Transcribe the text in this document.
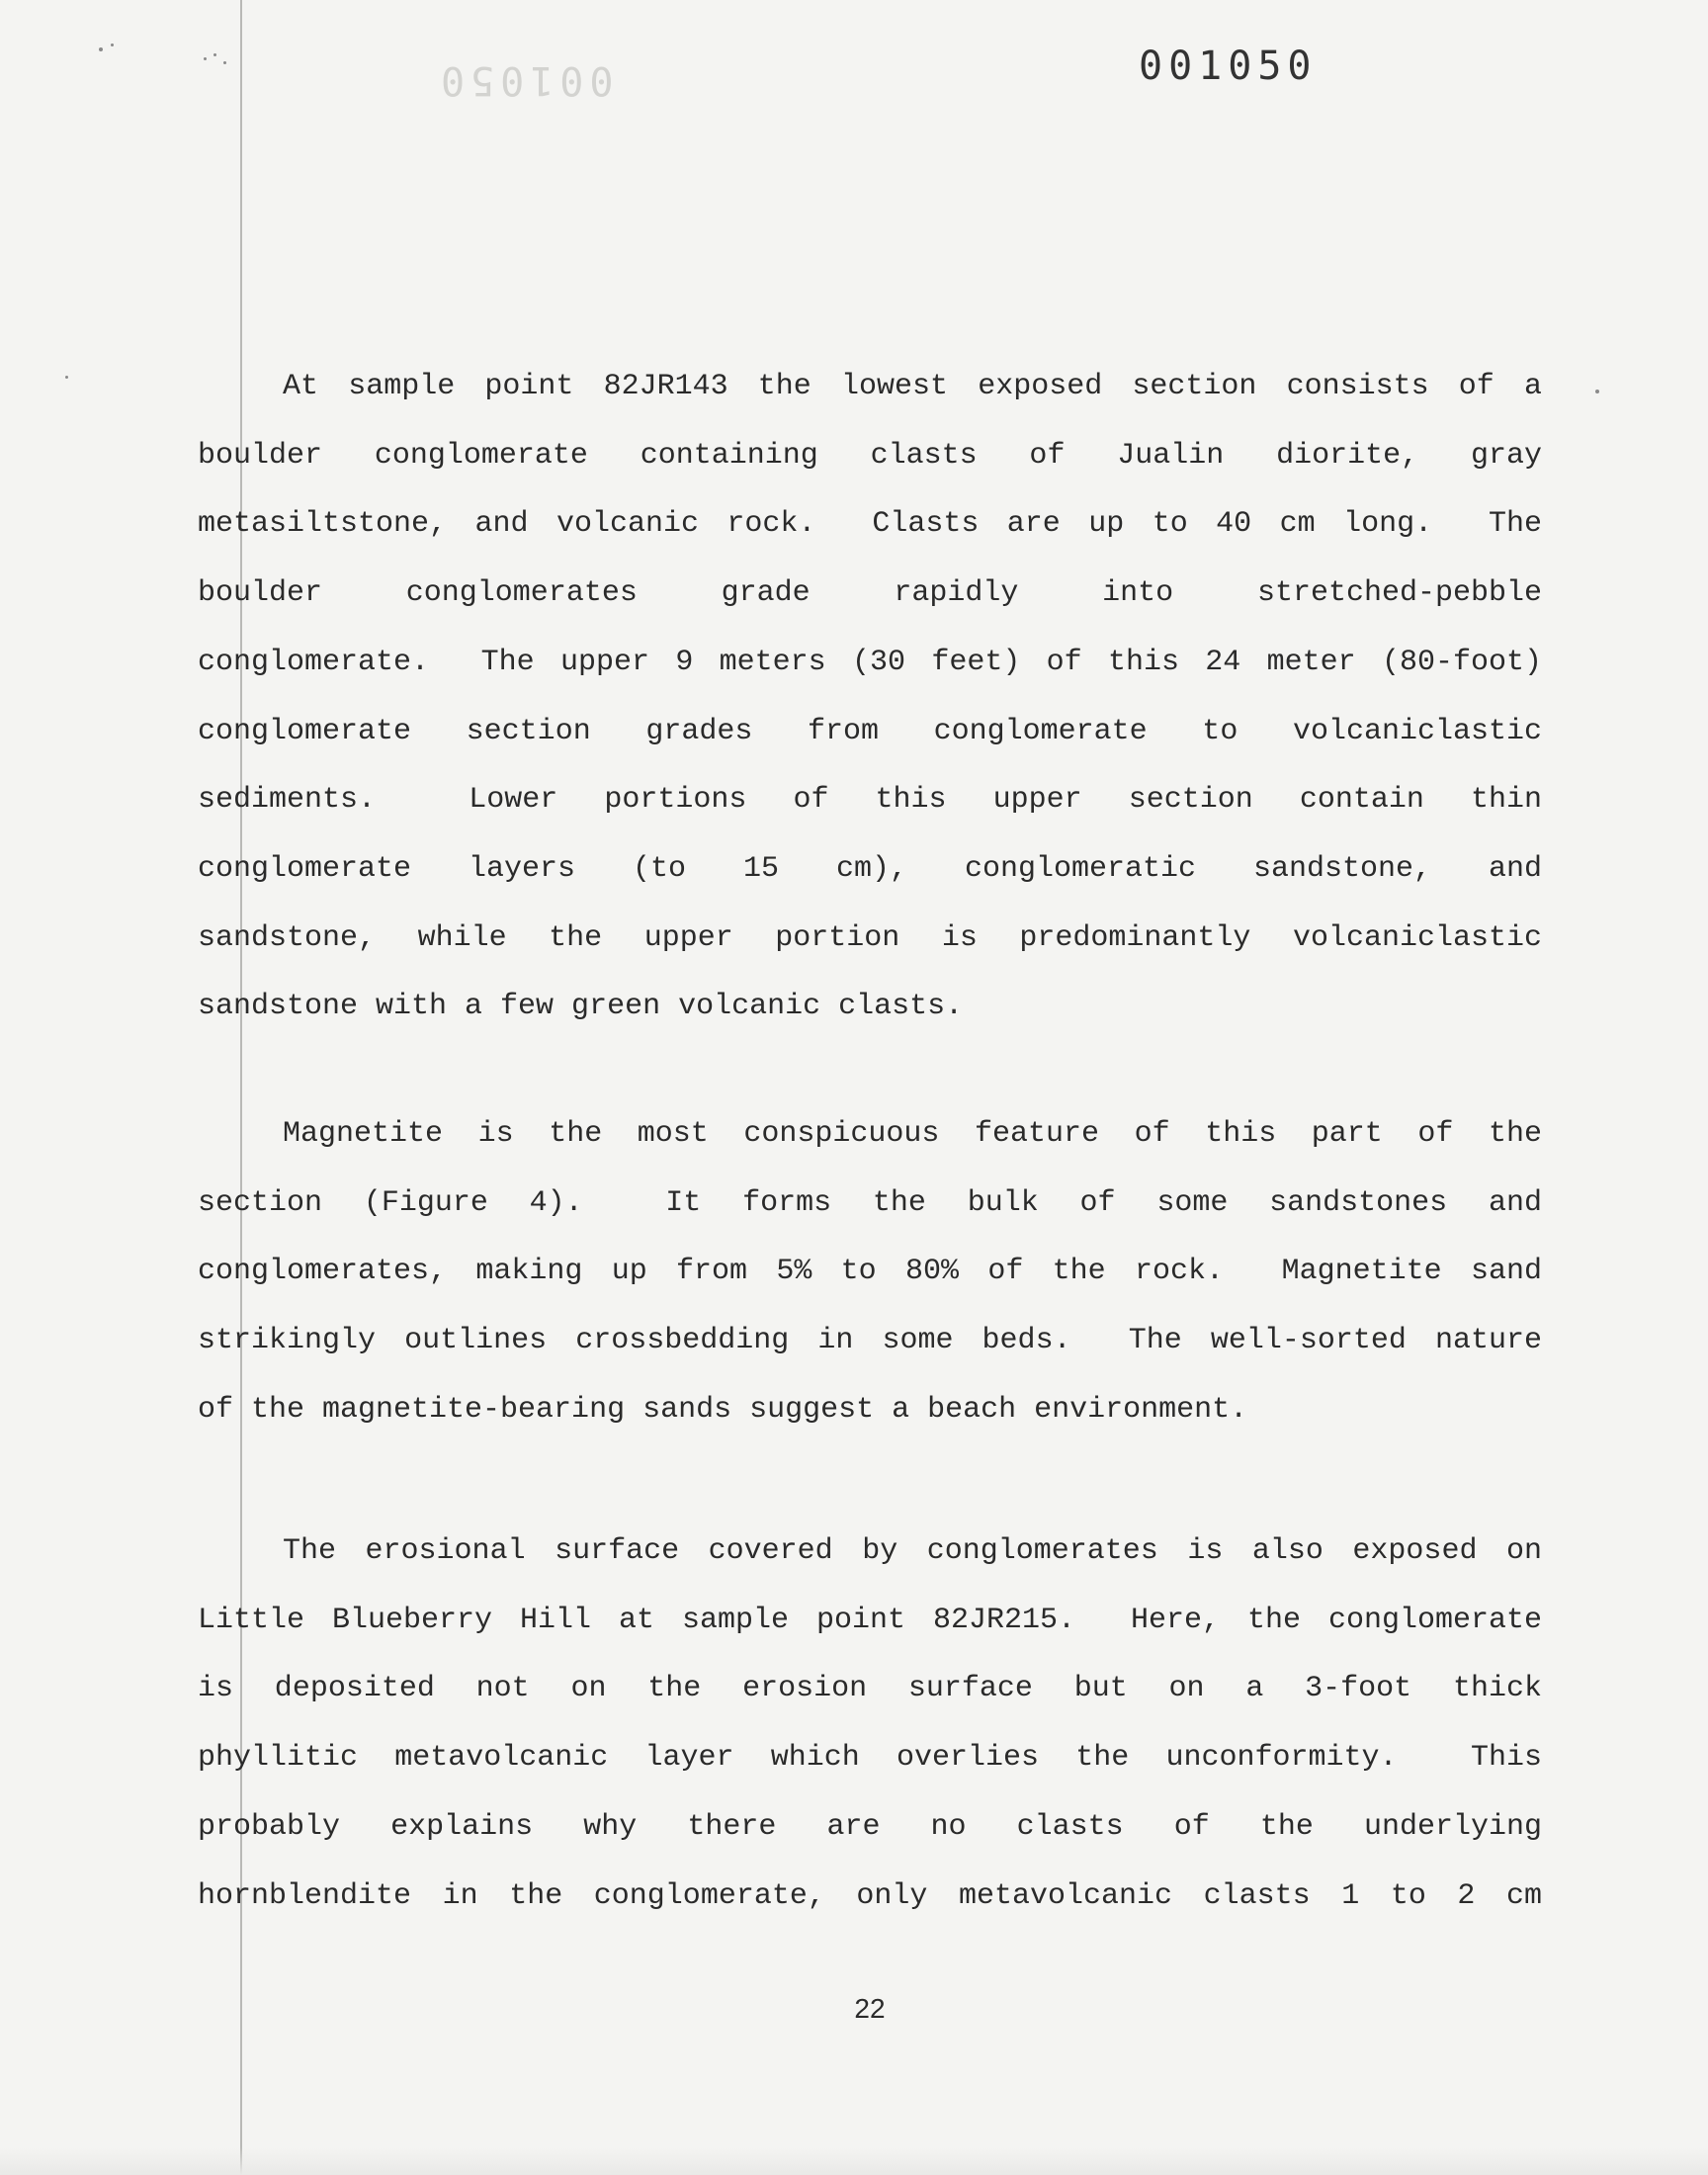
001050	001050
At sample point 82JR143 the lowest exposed section consists of a
boulder conglomerate containing clasts of Jualin diorite, gray
metasiltstone, and volcanic rock.  Clasts are up to 40 cm long.  The
boulder conglomerates grade rapidly into stretched-pebble
conglomerate.  The upper 9 meters (30 feet) of this 24 meter (80-foot)
conglomerate section grades from conglomerate to volcaniclastic
sediments.  Lower portions of this upper section contain thin
conglomerate layers (to 15 cm), conglomeratic sandstone, and
sandstone, while the upper portion is predominantly volcaniclastic
sandstone with a few green volcanic clasts.
Magnetite is the most conspicuous feature of this part of the
section (Figure 4).  It forms the bulk of some sandstones and
conglomerates, making up from 5% to 80% of the rock.  Magnetite sand
strikingly outlines crossbedding in some beds.  The well-sorted nature
of the magnetite-bearing sands suggest a beach environment.
The erosional surface covered by conglomerates is also exposed on
Little Blueberry Hill at sample point 82JR215.  Here, the conglomerate
is deposited not on the erosion surface but on a 3-foot thick
phyllitic metavolcanic layer which overlies the unconformity.  This
probably explains why there are no clasts of the underlying
hornblendite in the conglomerate, only metavolcanic clasts 1 to 2 cm
22
